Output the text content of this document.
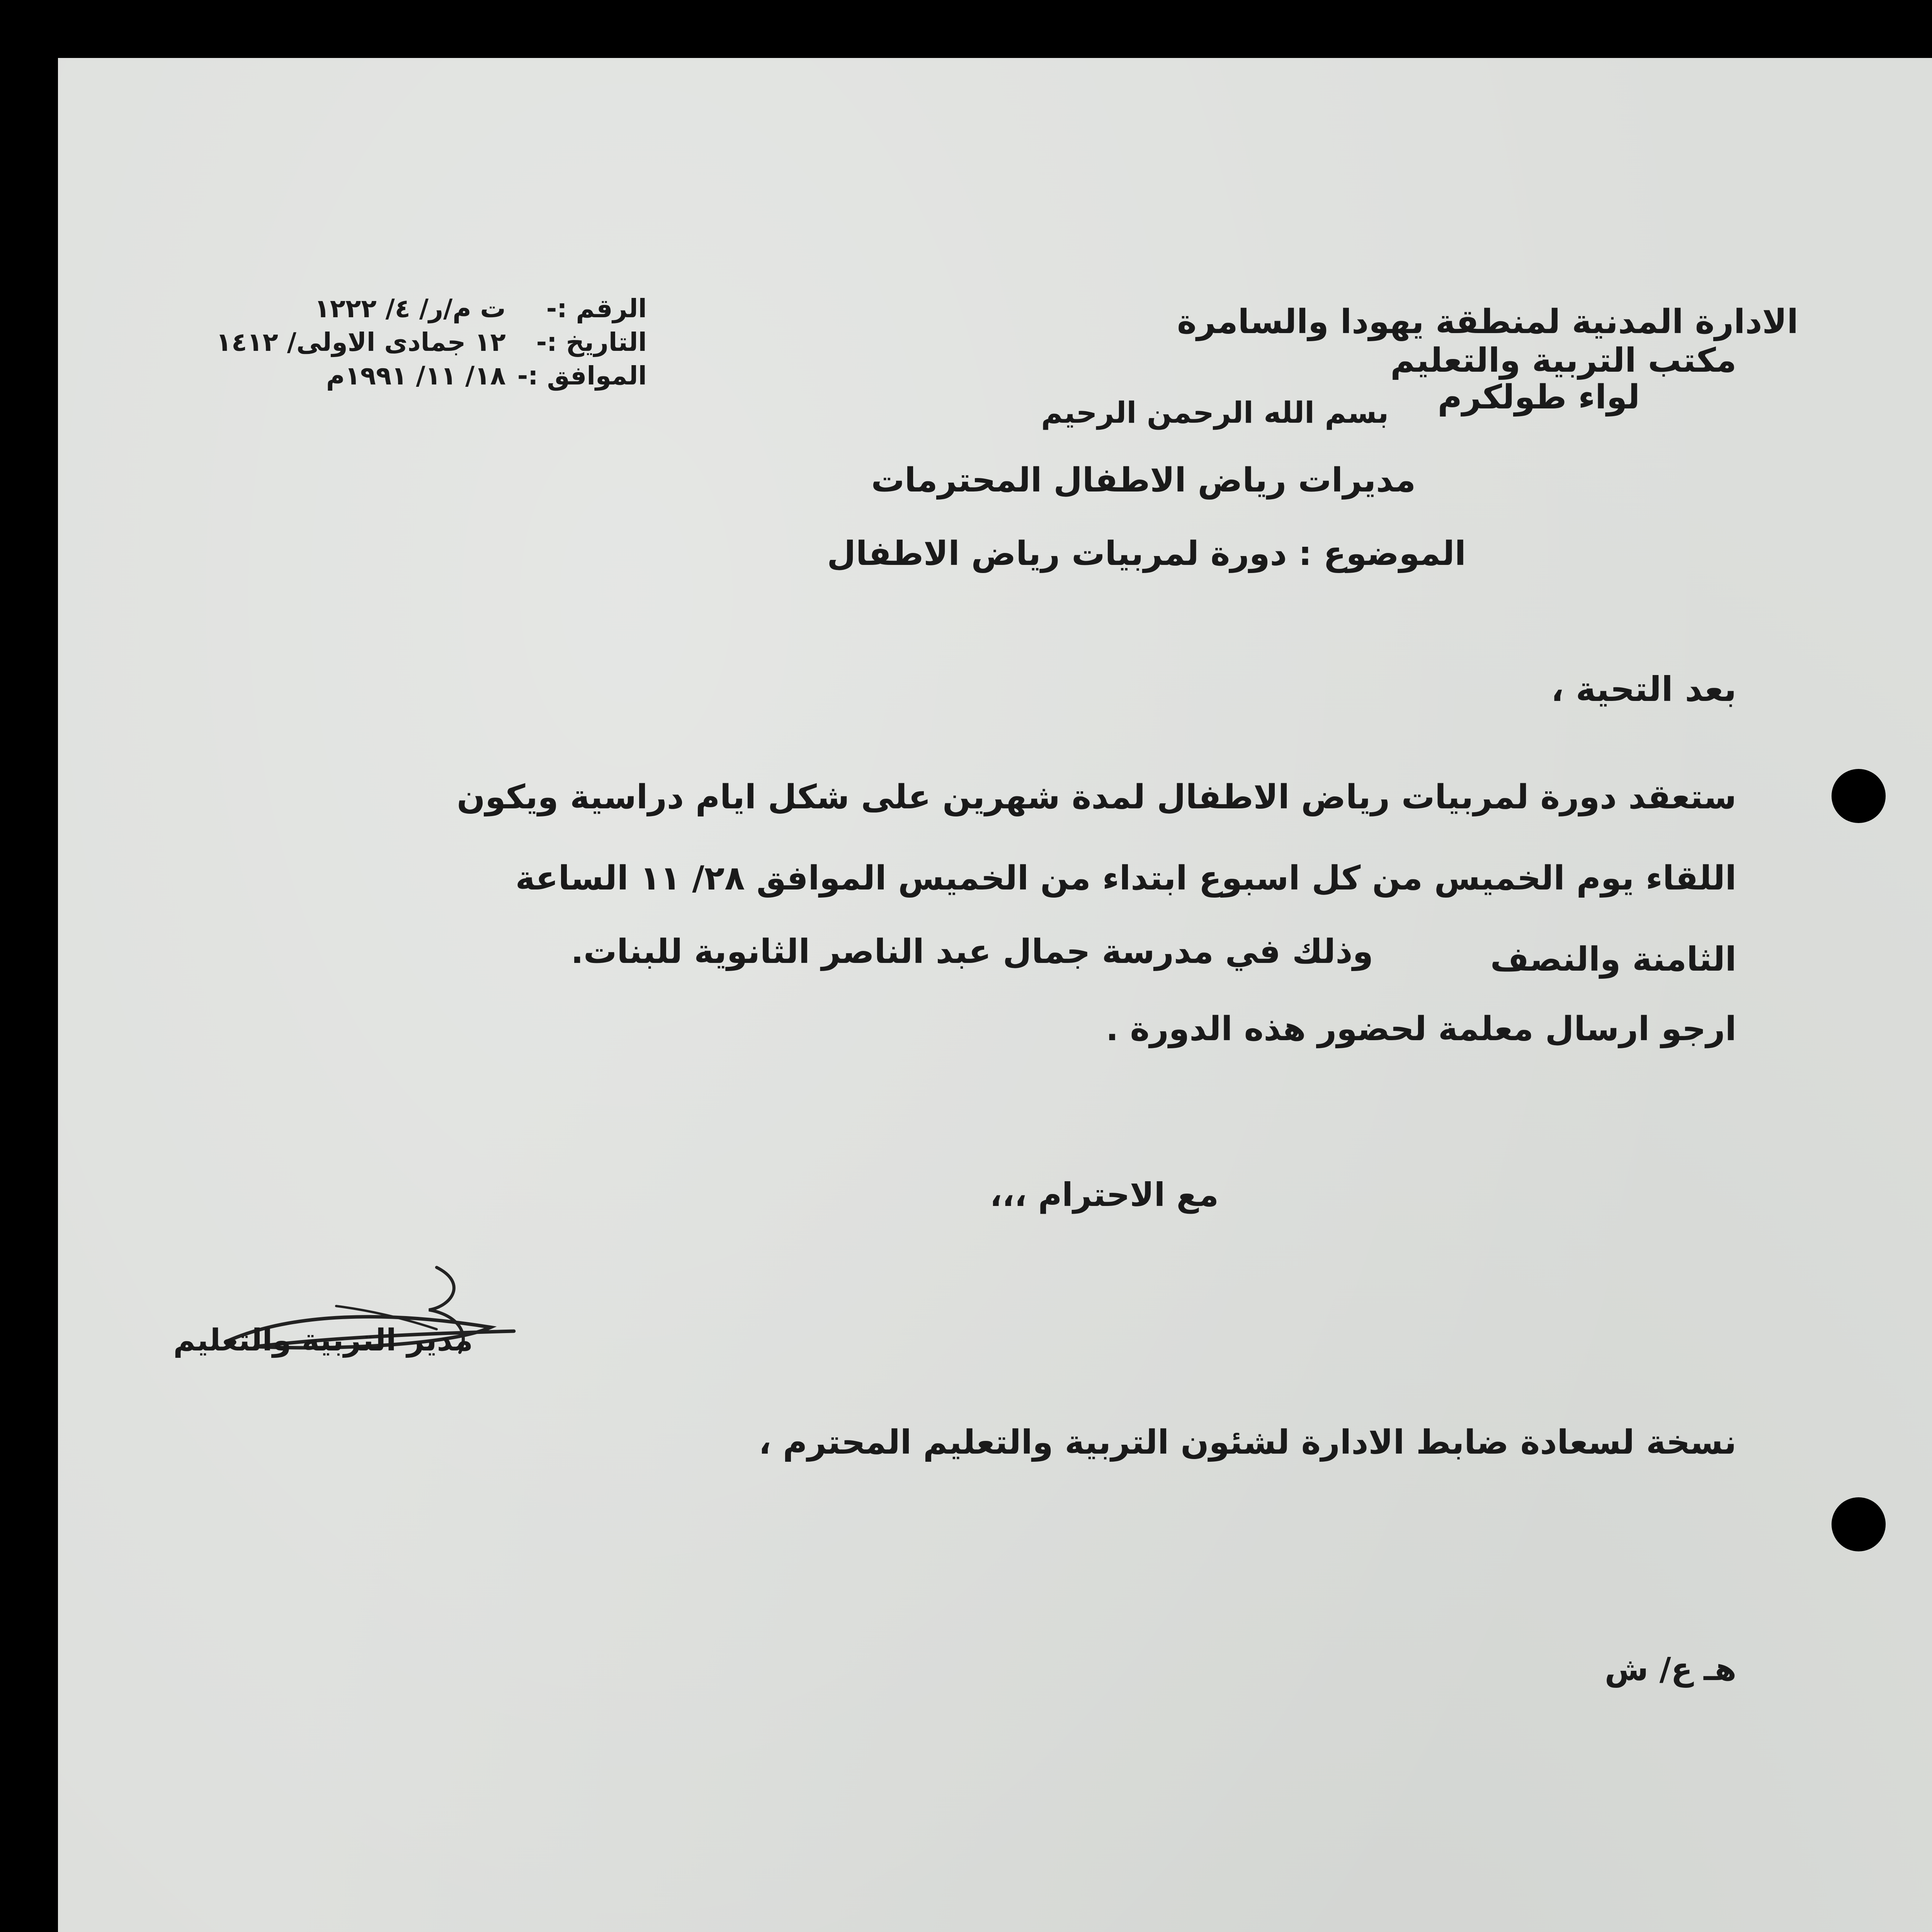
الادارة المدنية لمنطقة يهودا والسامرة
مكتب التربية والتعليم
لواء طولكرم
الرقم :-
ت م/ر/ ٤/ ١٢٢٢
التاريخ :-
١٢ جمادى الاولى/ ١٤١٢
الموافق :-
١٨/ ١١/ ١٩٩١م
بسم الله الرحمن الرحيم
مديرات رياض الاطفال المحترمات
الموضوع : دورة لمربيات رياض الاطفال
بعد التحية ،
ستعقد دورة لمربيات رياض الاطفال لمدة شهرين على شكل ايام دراسية ويكون
اللقاء يوم الخميس من كل اسبوع ابتداء من الخميس الموافق ٢٨/ ١١ الساعة
الثامنة والنصف
وذلك في مدرسة جمال عبد الناصر الثانوية للبنات.
ارجو ارسال معلمة لحضور هذه الدورة .
مع الاحترام ،،،
مدير التربية والتعليم
نسخة لسعادة ضابط الادارة لشئون التربية والتعليم المحترم ،
هـ ع/ ش
